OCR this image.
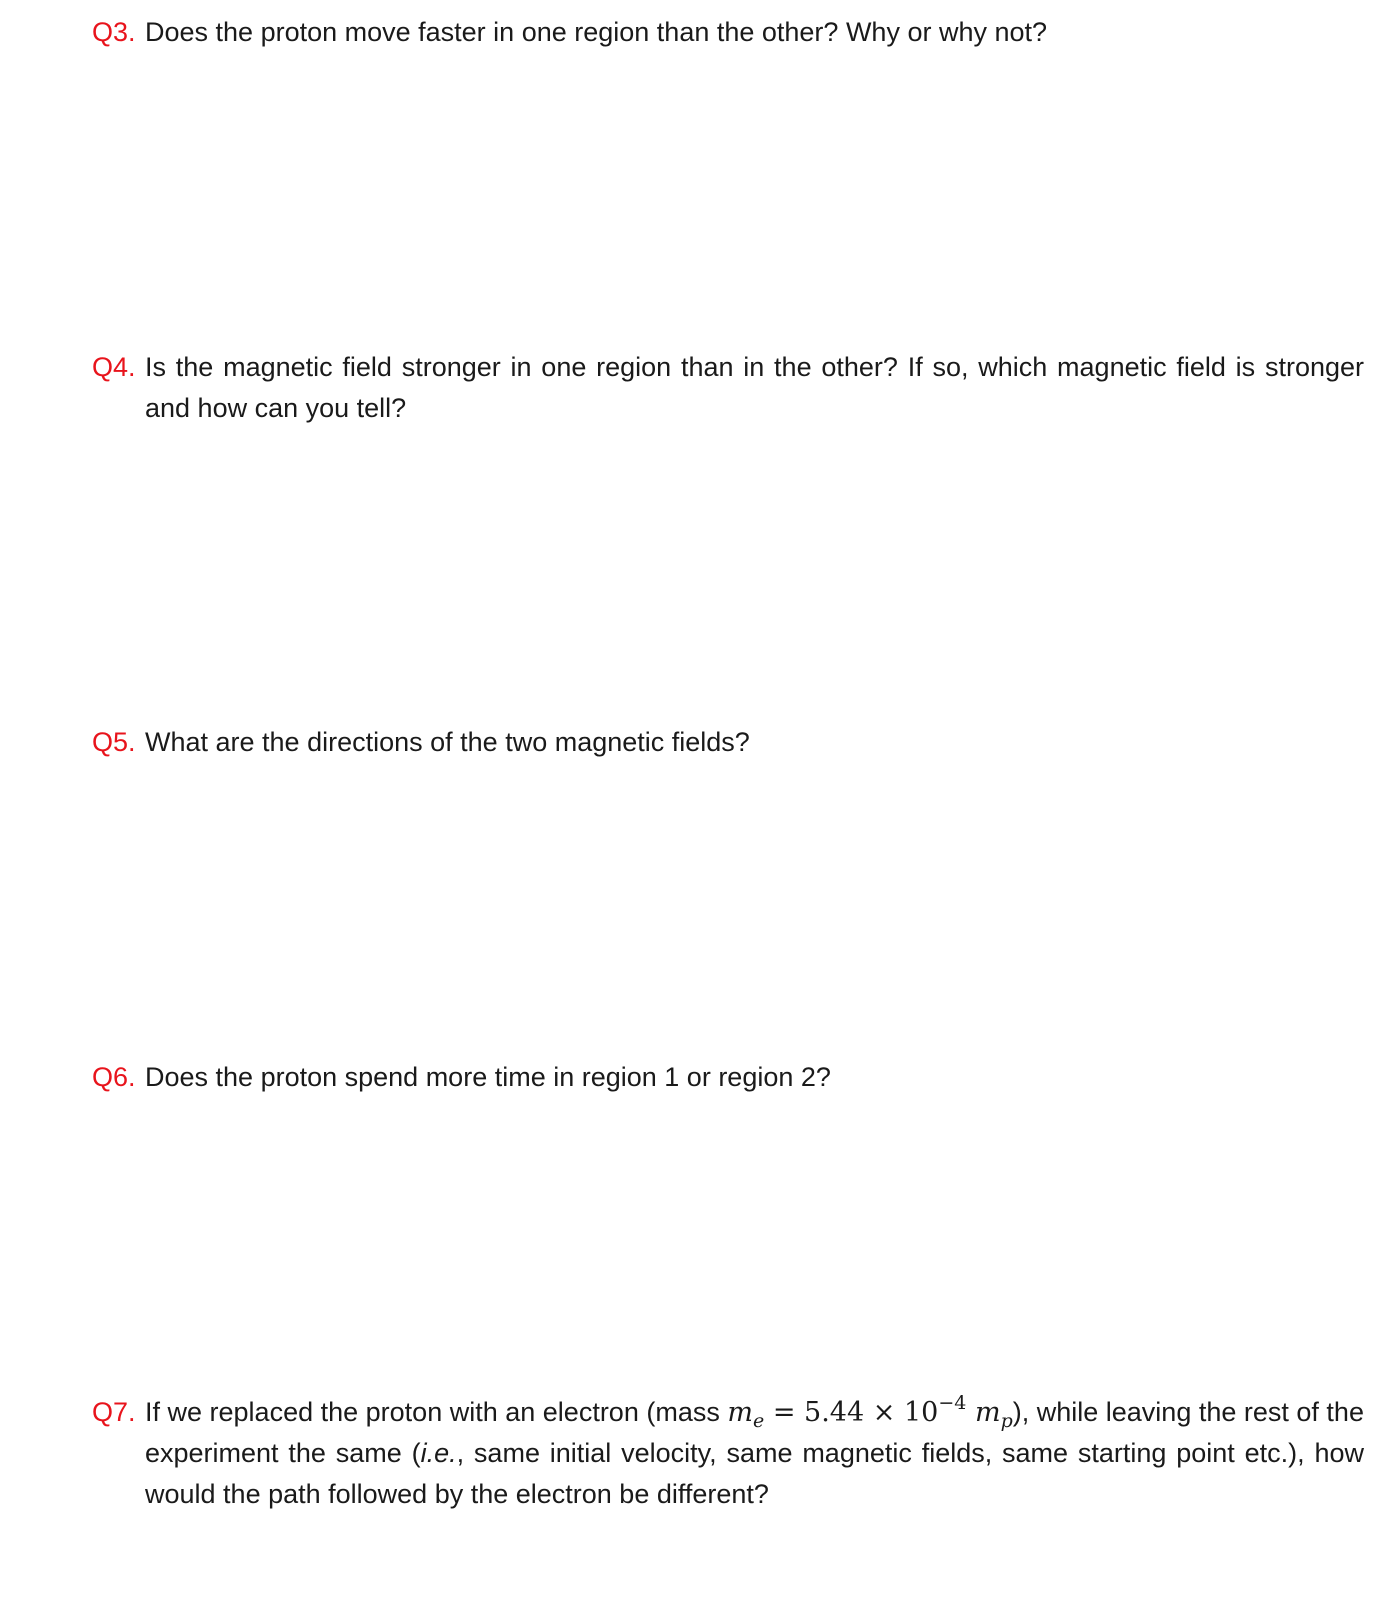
Q3. Does the proton move faster in one region than the other? Why or why not?
Q4. Is the magnetic field stronger in one region than in the other? If so, which magnetic field is stronger and how can you tell?
Q5. What are the directions of the two magnetic fields?
Q6. Does the proton spend more time in region 1 or region 2?
Q7. If we replaced the proton with an electron (mass $m_e = 5.44 \times 10^{-4}$ $m_p$), while leaving the rest of the experiment the same (i.e., same initial velocity, same magnetic fields, same starting point etc.), how would the path followed by the electron be different?
